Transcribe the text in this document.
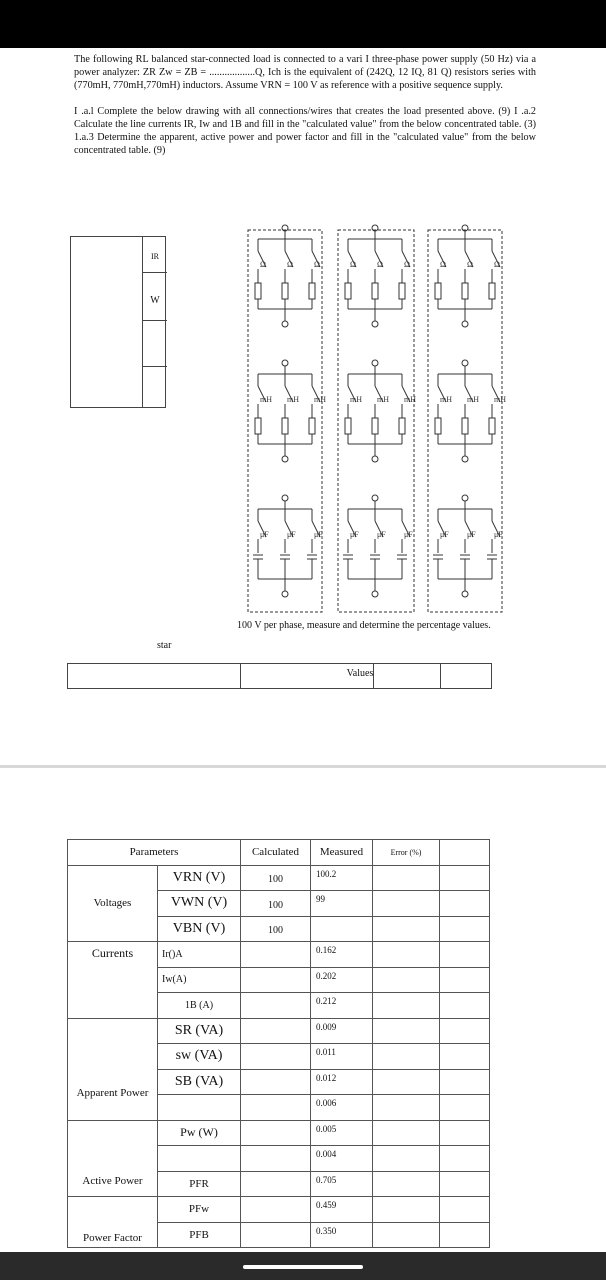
The following RL balanced star-connected load is connected to a vari I three-phase power supply (50 Hz) via a power analyzer: ZR Zw = ZB = ..................Q, Ich is the equivalent of (242Q, 12 IQ, 81 Q) resistors series with (770mH, 770mH,770mH) inductors. Assume VRN = 100 V as reference with a positive sequence supply.

I .a.l Complete the below drawing with all connections/wires that creates the load presented above. (9) I .a.2 Calculate the line currents IR, Iw and 1B and fill in the "calculated value" from the below concentrated table. (3) 1.a.3 Determine the apparent, active power and power factor and fill in the "calculated value" from the below concentrated table. (9)

IR
W
Ω	Ω	Ω
mH mH mH
μF μF μF
Ω	Ω	Ω
mH mH mH
μF μF μF
Ω	Ω	Ω
mH mH mH
μF μF μF
100 V per phase, measure and determine the percentage values.
star
Values
Parameters		Calculated	Measured	Error (%)	
Voltages	VRN (V)	100	100.2		
	VWN (V)	100	99		
	VBN (V)	100			
Currents	Ir()A		0.162		
	Iw(A)		0.202		
	1B (A)		0.212		
Apparent Power	SR (VA)		0.009		
	sw (VA)		0.011		
	SB (VA)		0.012		
			0.006		
Active Power	Pw (W)		0.005		
			0.004		
	PFR		0.705		
Power Factor	PFw		0.459		
	PFB		0.350		
